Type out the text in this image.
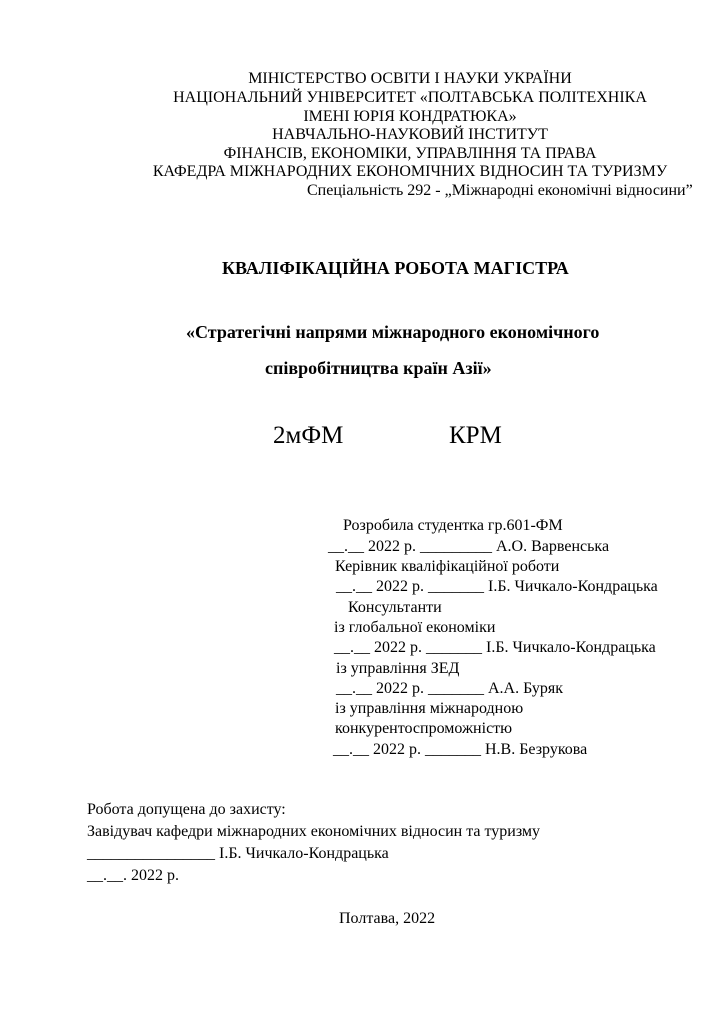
МІНІСТЕРСТВО ОСВІТИ І НАУКИ УКРАЇНИ
НАЦІОНАЛЬНИЙ УНІВЕРСИТЕТ «ПОЛТАВСЬКА ПОЛІТЕХНІКА
ІМЕНІ ЮРІЯ КОНДРАТЮКА»
НАВЧАЛЬНО-НАУКОВИЙ ІНСТИТУТ
ФІНАНСІВ, ЕКОНОМІКИ, УПРАВЛІННЯ ТА ПРАВА
КАФЕДРА МІЖНАРОДНИХ ЕКОНОМІЧНИХ ВІДНОСИН ТА ТУРИЗМУ
Спеціальність 292 - „Міжнародні економічні відносини”
КВАЛІФІКАЦІЙНА РОБОТА МАГІСТРА
«Стратегічні напрями міжнародного економічного
співробітництва країн Азії»
2мФМ	КРМ
Розробила студентка гр.601-ФМ
__.__ 2022 р. _________ А.О. Варвенська
Керівник кваліфікаційної роботи
__.__ 2022 р. _______ І.Б. Чичкало-Кондрацька
Консультанти
із глобальної економіки
__.__ 2022 р. _______ І.Б. Чичкало-Кондрацька
із управління ЗЕД
__.__ 2022 р. _______ А.А. Буряк
із управління міжнародною
конкурентоспроможністю
__.__ 2022 р. _______ Н.В. Безрукова
Робота допущена до захисту:
Завідувач кафедри міжнародних економічних відносин та туризму
________________ І.Б. Чичкало-Кондрацька
__.__. 2022 р.
Полтава, 2022
